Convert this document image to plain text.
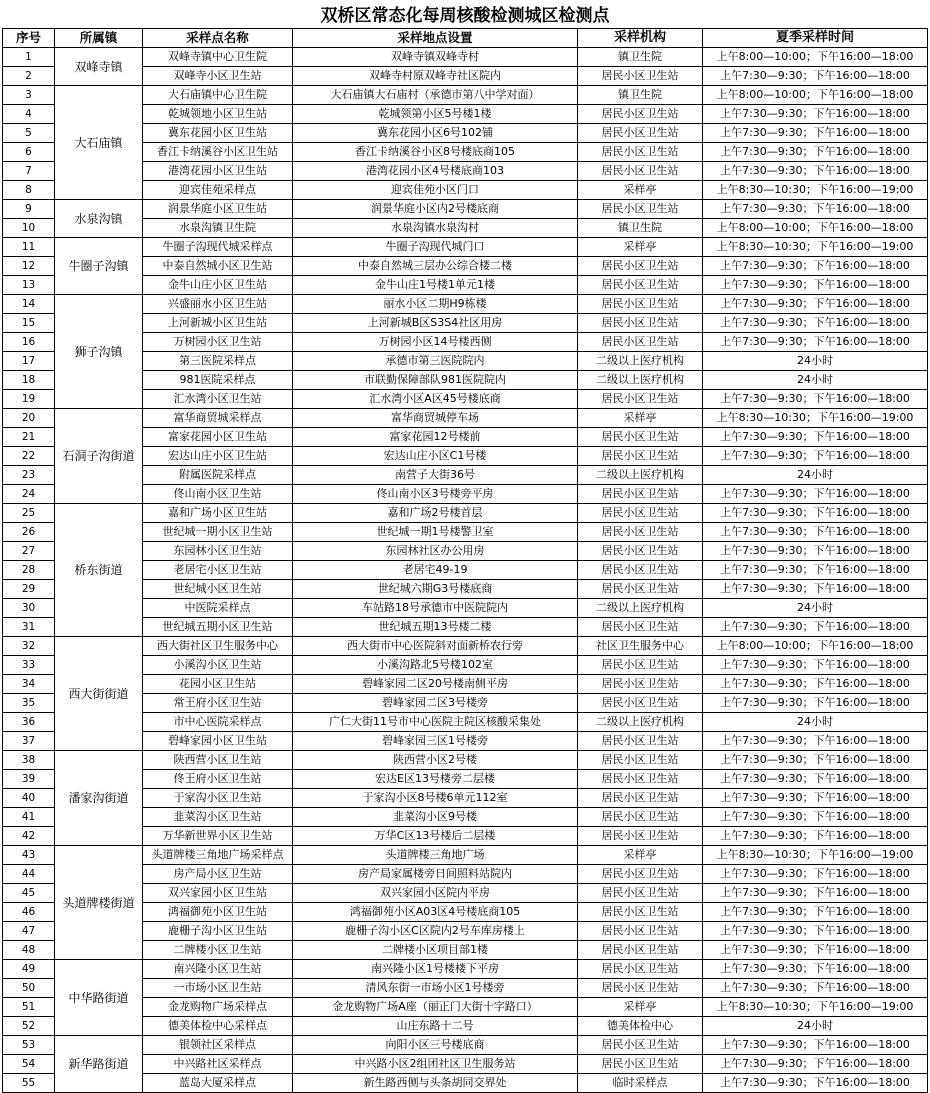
双桥区常态化每周核酸检测城区检测点
序号	所属镇	采样点名称	采样地点设置	采样机构	夏季采样时间
1	双峰寺镇	双峰寺镇中心卫生院	双峰寺镇双峰寺村	镇卫生院	上午8:00—10:00；下午16:00—18:00
2		双峰寺小区卫生站	双峰寺村原双峰寺社区院内	居民小区卫生站	上午7:30—9:30；下午16:00—18:00
3	大石庙镇	大石庙镇中心卫生院	大石庙镇大石庙村（承德市第八中学对面）	镇卫生院	上午8:00—10:00；下午16:00—18:00
4		乾城领地小区卫生站	乾城领第小区5号楼1楼	居民小区卫生站	上午7:30—9:30；下午16:00—18:00
5		冀东花园小区卫生站	冀东花园小区6号102铺	居民小区卫生站	上午7:30—9:30；下午16:00—18:00
6		香江卡纳溪谷小区卫生站	香江卡纳溪谷小区8号楼底商105	居民小区卫生站	上午7:30—9:30；下午16:00—18:00
7		港湾花园小区卫生站	港湾花园小区4号楼底商103	居民小区卫生站	上午7:30—9:30；下午16:00—18:00
8		迎宾佳苑采样点	迎宾佳苑小区门口	采样亭	上午8:30—10:30；下午16:00—19:00
9	水泉沟镇	润景华庭小区卫生站	润景华庭小区内2号楼底商	居民小区卫生站	上午7:30—9:30；下午16:00—18:00
10		水泉沟镇卫生院	水泉沟镇水泉沟村	镇卫生院	上午8:00—10:00；下午16:00—18:00
11	牛圈子沟镇	牛圈子沟现代城采样点	牛圈子沟现代城门口	采样亭	上午8:30—10:30；下午16:00—19:00
12		中泰自然城小区卫生站	中泰自然城三层办公综合楼二楼	居民小区卫生站	上午7:30—9:30；下午16:00—18:00
13		金牛山庄小区卫生站	金牛山庄1号楼1单元1楼	居民小区卫生站	上午7:30—9:30；下午16:00—18:00
14	狮子沟镇	兴盛丽水小区卫生站	丽水小区二期H9栋楼	居民小区卫生站	上午7:30—9:30；下午16:00—18:00
15		上河新城小区卫生站	上河新城B区S3S4社区用房	居民小区卫生站	上午7:30—9:30；下午16:00—18:00
16		万树园小区卫生站	万树园小区14号楼西侧	居民小区卫生站	上午7:30—9:30；下午16:00—18:00
17		第三医院采样点	承德市第三医院院内	二级以上医疗机构	24小时
18		981医院采样点	市联勤保障部队981医院院内	二级以上医疗机构	24小时
19		汇水湾小区卫生站	汇水湾小区A区45号楼底商	居民小区卫生站	上午7:30—9:30；下午16:00—18:00
20	石洞子沟街道	富华商贸城采样点	富华商贸城停车场	采样亭	上午8:30—10:30；下午16:00—19:00
21		富家花园小区卫生站	富家花园12号楼前	居民小区卫生站	上午7:30—9:30；下午16:00—18:00
22		宏达山庄小区卫生站	宏达山庄小区C1号楼	居民小区卫生站	上午7:30—9:30；下午16:00—18:00
23		附属医院采样点	南营子大街36号	二级以上医疗机构	24小时
24		佟山南小区卫生站	佟山南小区3号楼旁平房	居民小区卫生站	上午7:30—9:30；下午16:00—18:00
25	桥东街道	嘉和广场小区卫生站	嘉和广场2号楼首层	居民小区卫生站	上午7:30—9:30；下午16:00—18:00
26		世纪城一期小区卫生站	世纪城一期1号楼警卫室	居民小区卫生站	上午7:30—9:30；下午16:00—18:00
27		东园林小区卫生站	东园林社区办公用房	居民小区卫生站	上午7:30—9:30；下午16:00—18:00
28		老居宅小区卫生站	老居宅49-19	居民小区卫生站	上午7:30—9:30；下午16:00—18:00
29		世纪城小区卫生站	世纪城六期G3号楼底商	居民小区卫生站	上午7:30—9:30；下午16:00—18:00
30		中医院采样点	车站路18号承德市中医院院内	二级以上医疗机构	24小时
31		世纪城五期小区卫生站	世纪城五期13号楼二楼	居民小区卫生站	上午7:30—9:30；下午16:00—18:00
32	西大街街道	西大街社区卫生服务中心	西大街市中心医院斜对面新桥农行旁	社区卫生服务中心	上午8:00—10:00；下午16:00—18:00
33		小溪沟小区卫生站	小溪沟路北5号楼102室	居民小区卫生站	上午7:30—9:30；下午16:00—18:00
34		花园小区卫生站	碧峰家园二区20号楼南侧平房	居民小区卫生站	上午7:30—9:30；下午16:00—18:00
35		常王府小区卫生站	碧峰家园二区3号楼旁	居民小区卫生站	上午7:30—9:30；下午16:00—18:00
36		市中心医院采样点	广仁大街11号市中心医院主院区核酸采集处	二级以上医疗机构	24小时
37		碧峰家园小区卫生站	碧峰家园三区1号楼旁	居民小区卫生站	上午7:30—9:30；下午16:00—18:00
38	潘家沟街道	陕西营小区卫生站	陕西营小区2号楼	居民小区卫生站	上午7:30—9:30；下午16:00—18:00
39		佟王府小区卫生站	宏达E区13号楼旁二层楼	居民小区卫生站	上午7:30—9:30；下午16:00—18:00
40		于家沟小区卫生站	于家沟小区8号楼6单元112室	居民小区卫生站	上午7:30—9:30；下午16:00—18:00
41		韭菜沟小区卫生站	韭菜沟小区9号楼	居民小区卫生站	上午7:30—9:30；下午16:00—18:00
42		万华新世界小区卫生站	万华C区13号楼后二层楼	居民小区卫生站	上午7:30—9:30；下午16:00—18:00
43	头道牌楼街道	头道牌楼三角地广场采样点	头道牌楼三角地广场	采样亭	上午8:30—10:30；下午16:00—19:00
44		房产局小区卫生站	房产局家属楼旁日间照料站院内	居民小区卫生站	上午7:30—9:30；下午16:00—18:00
45		双兴家园小区卫生站	双兴家园小区院内平房	居民小区卫生站	上午7:30—9:30；下午16:00—18:00
46		鸿福御苑小区卫生站	鸿福御苑小区A03区4号楼底商105	居民小区卫生站	上午7:30—9:30；下午16:00—18:00
47		鹿栅子沟小区卫生站	鹿栅子沟小区C区院内2号车库房楼上	居民小区卫生站	上午7:30—9:30；下午16:00—18:00
48		二牌楼小区卫生站	二牌楼小区项目部1楼	居民小区卫生站	上午7:30—9:30；下午16:00—18:00
49	中华路街道	南兴隆小区卫生站	南兴隆小区1号楼楼下平房	居民小区卫生站	上午7:30—9:30；下午16:00—18:00
50		一市场小区卫生站	清风东街一市场小区1号楼旁	居民小区卫生站	上午7:30—9:30；下午16:00—18:00
51		金龙购物广场采样点	金龙购物广场A座（丽正门大街十字路口）	采样亭	上午8:30—10:30；下午16:00—19:00
52		德美体检中心采样点	山庄东路十二号	德美体检中心	24小时
53	新华路街道	银领社区采样点	向阳小区三号楼底商	居民小区卫生站	上午7:30—9:30；下午16:00—18:00
54		中兴路社区采样点	中兴路小区2组团社区卫生服务站	居民小区卫生站	上午7:30—9:30；下午16:00—18:00
55		蓝岛大厦采样点	新生路西侧与头条胡同交界处	临时采样点	上午7:30—9:30；下午16:00—18:00
